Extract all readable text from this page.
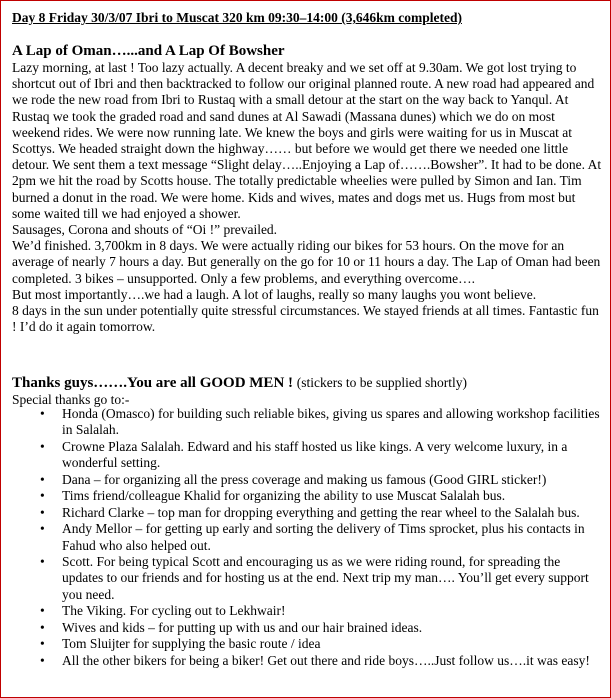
Day 8 Friday 30/3/07 Ibri to Muscat 320 km 09:30–14:00 (3,646km completed)
A Lap of Oman…...and A Lap Of Bowsher

Lazy morning, at last ! Too lazy actually. A decent breaky and we set off at 9.30am. We got lost trying to shortcut out of Ibri and then backtracked to follow our original planned route. A new road had appeared and we rode the new road from Ibri to Rustaq with a small detour at the start on the way back to Yanqul. At Rustaq we took the graded road and sand dunes at Al Sawadi (Massana dunes) which we do on most weekend rides. We were now running late. We knew the boys and girls were waiting for us in Muscat at Scottys. We headed straight down the highway…… but before we would get there we needed one little detour. We sent them a text message “Slight delay…..Enjoying a Lap of…….Bowsher”. It had to be done. At 2pm we hit the road by Scotts house. The totally predictable wheelies were pulled by Simon and Ian. Tim burned a donut in the road. We were home. Kids and wives, mates and dogs met us. Hugs from most but some waited till we had enjoyed a shower.

Sausages, Corona and shouts of “Oi !” prevailed.

We’d finished. 3,700km in 8 days. We were actually riding our bikes for 53 hours. On the move for an average of nearly 7 hours a day. But generally on the go for 10 or 11 hours a day. The Lap of Oman had been completed. 3 bikes – unsupported. Only a few problems, and everything overcome….

But most importantly….we had a laugh. A lot of laughs, really so many laughs you wont believe.

8 days in the sun under potentially quite stressful circumstances. We stayed friends at all times. Fantastic fun ! I’d do it again tomorrow.

Thanks guys…….You are all GOOD MEN ! (stickers to be supplied shortly)
Special thanks go to:-
• Honda (Omasco) for building such reliable bikes, giving us spares and allowing workshop facilities in Salalah.
• Crowne Plaza Salalah. Edward and his staff hosted us like kings. A very welcome luxury, in a wonderful setting.
• Dana – for organizing all the press coverage and making us famous (Good GIRL sticker!)
• Tims friend/colleague Khalid for organizing the ability to use Muscat Salalah bus.
• Richard Clarke – top man for dropping everything and getting the rear wheel to the Salalah bus.
• Andy Mellor – for getting up early and sorting the delivery of Tims sprocket, plus his contacts in Fahud who also helped out.
• Scott. For being typical Scott and encouraging us as we were riding round, for spreading the updates to our friends and for hosting us at the end. Next trip my man…. You’ll get every support you need.
• The Viking. For cycling out to Lekhwair!
• Wives and kids – for putting up with us and our hair brained ideas.
• Tom Sluijter for supplying the basic route / idea
• All the other bikers for being a biker! Get out there and ride boys…..Just follow us….it was easy!
